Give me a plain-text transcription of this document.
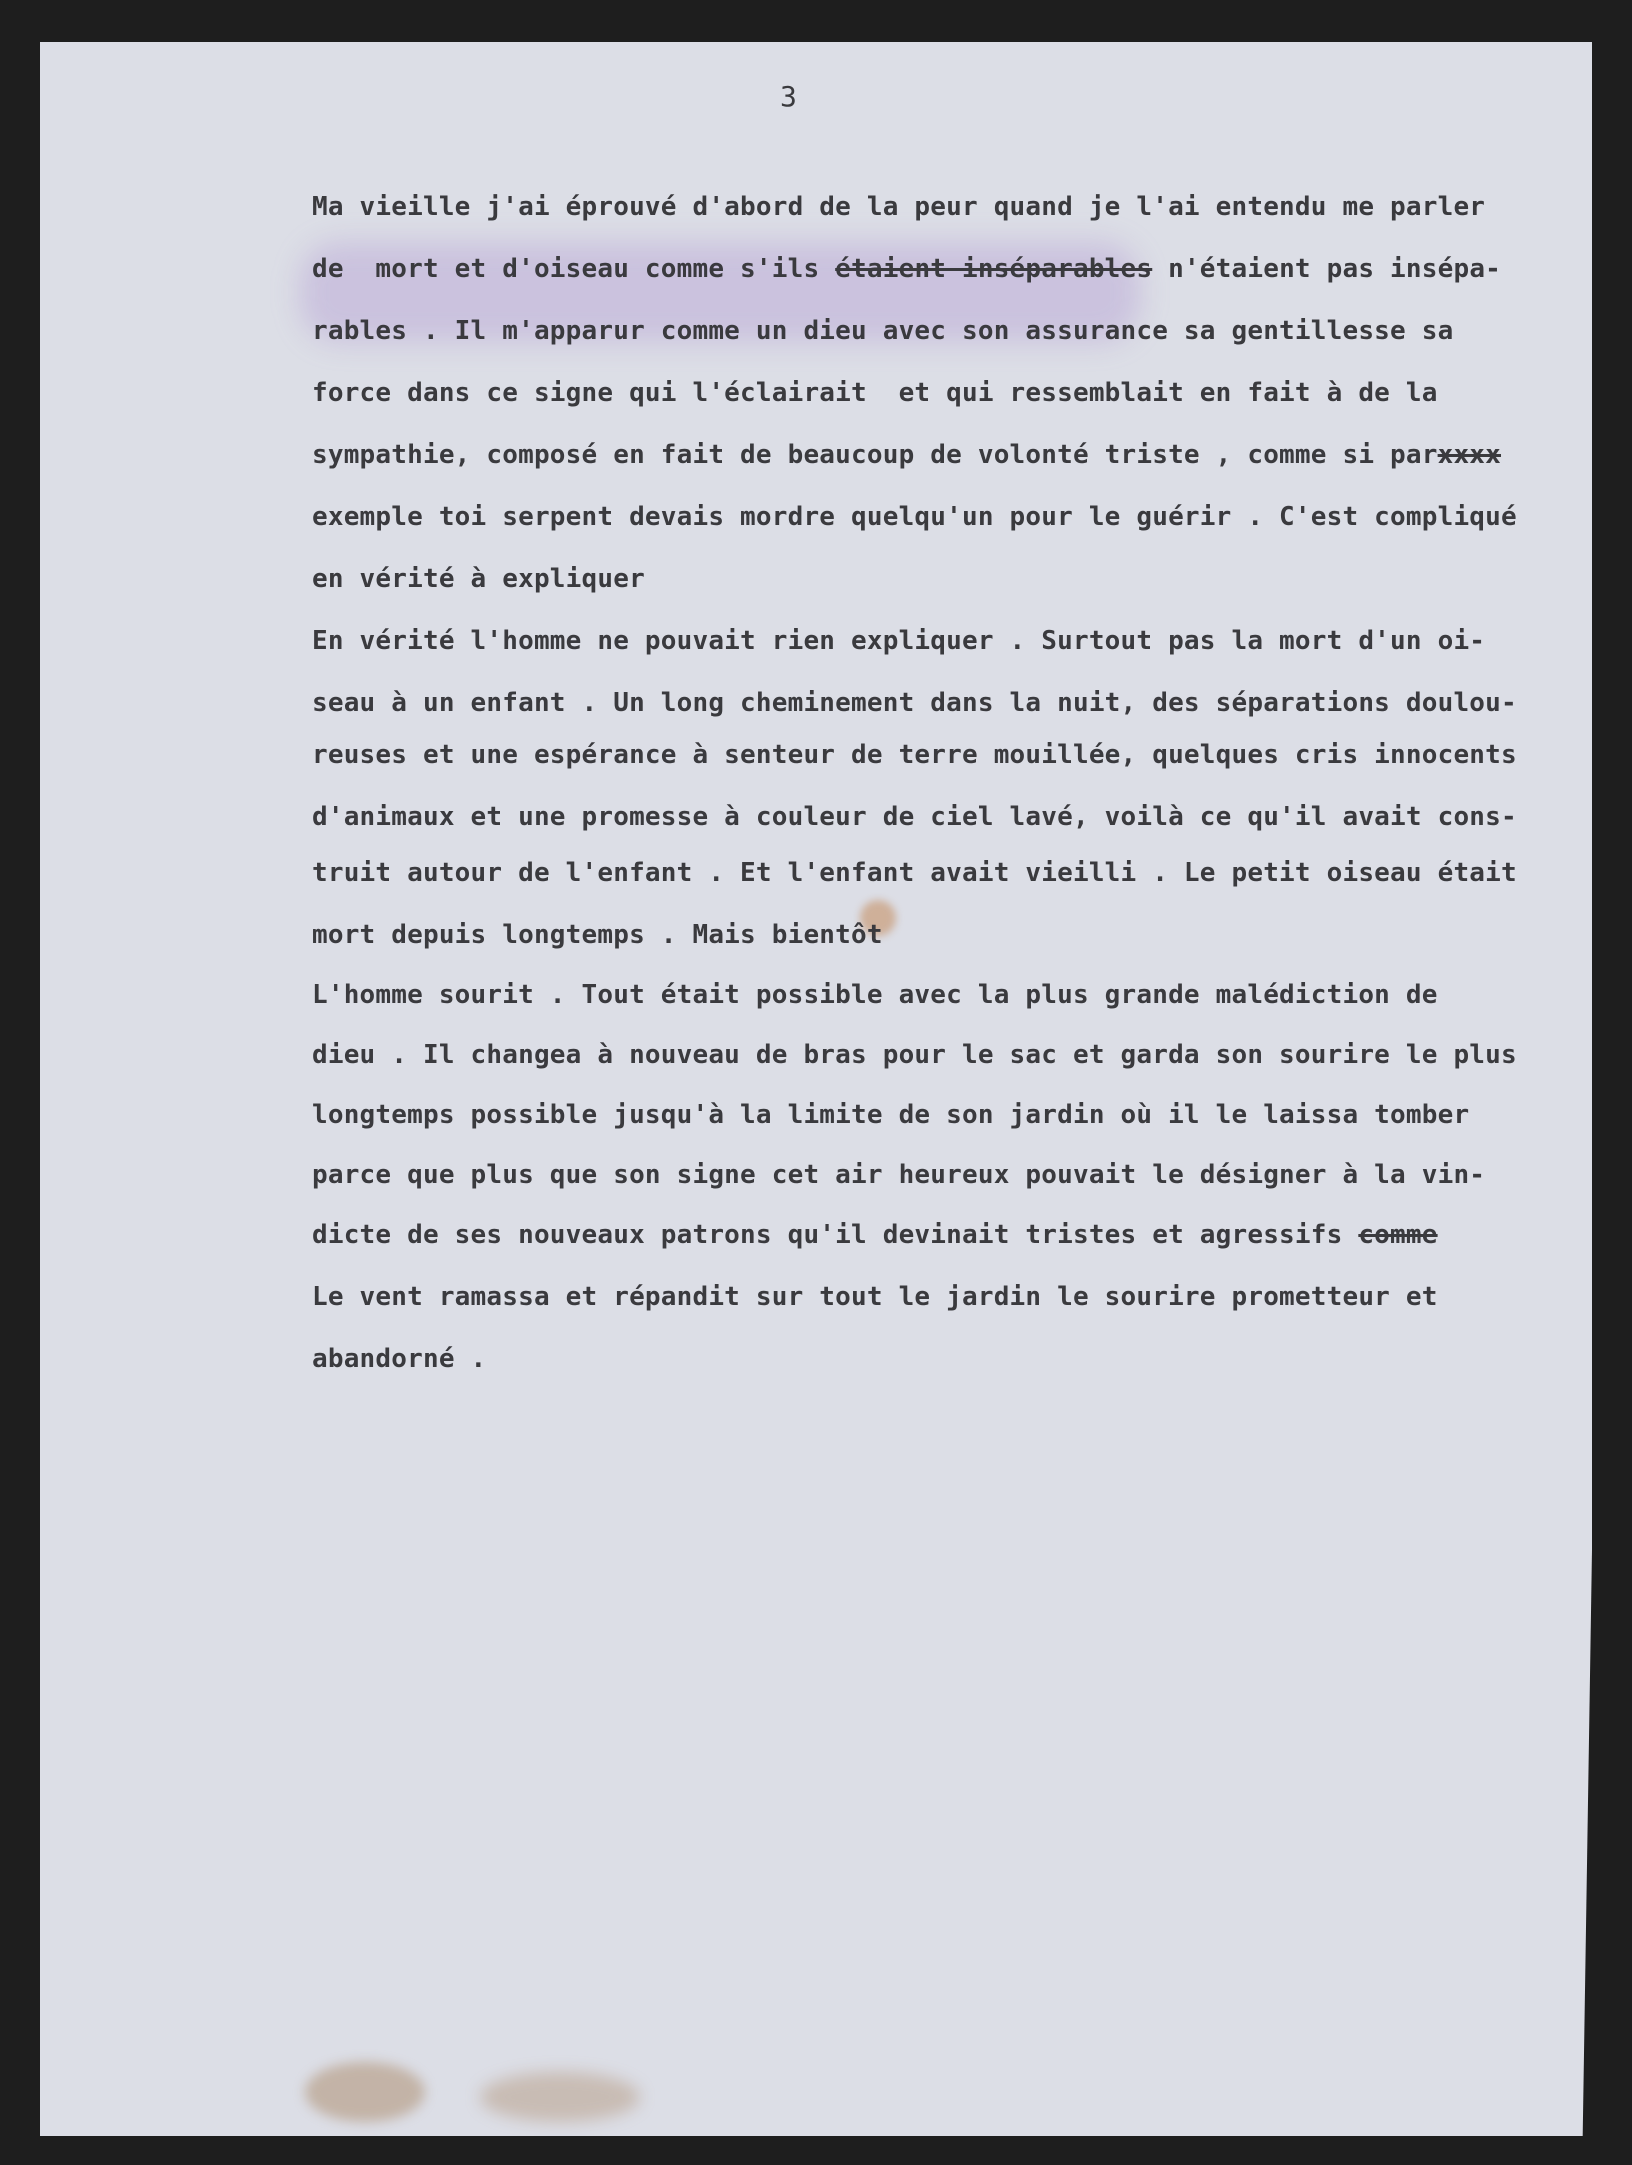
3
Ma vieille j'ai éprouvé d'abord de la peur quand je l'ai entendu me parler
de  mort et d'oiseau comme s'ils étaient inséparables n'étaient pas insépa-
rables . Il m'apparur comme un dieu avec son assurance sa gentillesse sa
force dans ce signe qui l'éclairait  et qui ressemblait en fait à de la
sympathie, composé en fait de beaucoup de volonté triste , comme si parxxxx
exemple toi serpent devais mordre quelqu'un pour le guérir . C'est compliqué
en vérité à expliquer
En vérité l'homme ne pouvait rien expliquer . Surtout pas la mort d'un oi-
seau à un enfant . Un long cheminement dans la nuit, des séparations doulou-
reuses et une espérance à senteur de terre mouillée, quelques cris innocents
d'animaux et une promesse à couleur de ciel lavé, voilà ce qu'il avait cons-
truit autour de l'enfant . Et l'enfant avait vieilli . Le petit oiseau était
mort depuis longtemps . Mais bientôt
L'homme sourit . Tout était possible avec la plus grande malédiction de
dieu . Il changea à nouveau de bras pour le sac et garda son sourire le plus
longtemps possible jusqu'à la limite de son jardin où il le laissa tomber
parce que plus que son signe cet air heureux pouvait le désigner à la vin-
dicte de ses nouveaux patrons qu'il devinait tristes et agressifs comme
Le vent ramassa et répandit sur tout le jardin le sourire prometteur et
abandorné .
